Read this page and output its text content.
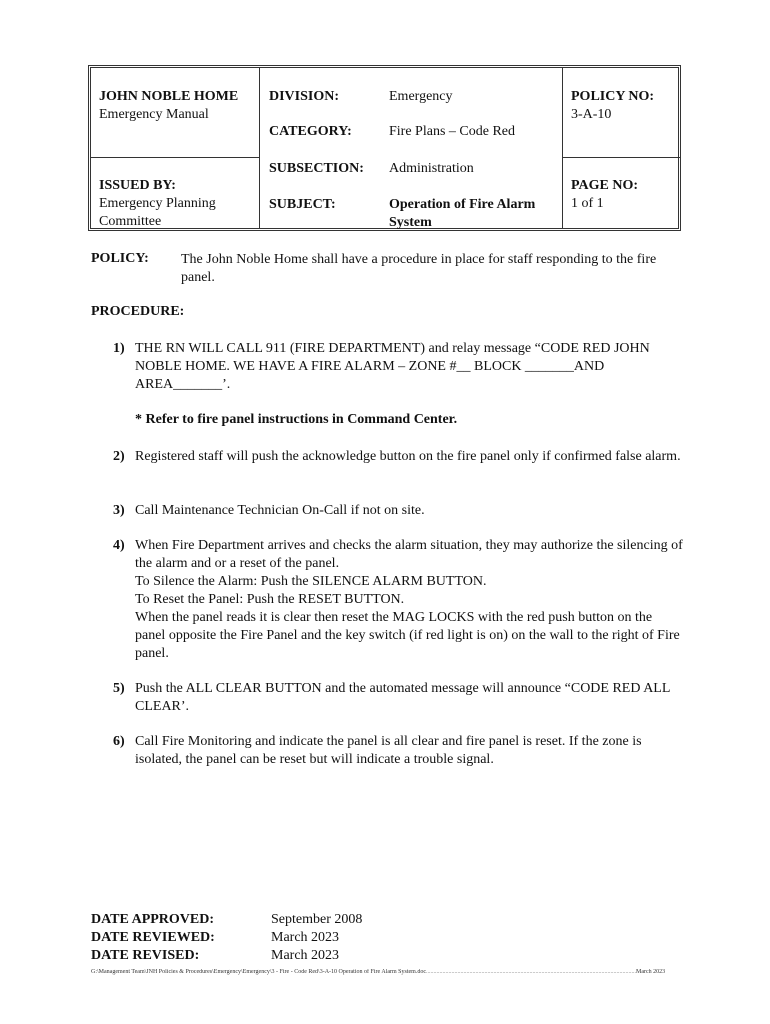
JOHN NOBLE HOME
Emergency Manual
ISSUED BY:
Emergency Planning
Committee
DIVISION:	Emergency
CATEGORY:	Fire Plans – Code Red
SUBSECTION: Administration
SUBJECT:	Operation of Fire Alarm
System
POLICY NO:
3-A-10
PAGE NO:
1 of 1
POLICY: The John Noble Home shall have a procedure in place for staff responding to the fire panel.
PROCEDURE:
1) THE RN WILL CALL 911 (FIRE DEPARTMENT) and relay message “CODE RED JOHN NOBLE HOME. WE HAVE A FIRE ALARM – ZONE #__ BLOCK _______AND AREA_______’.
* Refer to fire panel instructions in Command Center.
2) Registered staff will push the acknowledge button on the fire panel only if confirmed false alarm.
3) Call Maintenance Technician On-Call if not on site.
4) When Fire Department arrives and checks the alarm situation, they may authorize the silencing of the alarm and or a reset of the panel.
To Silence the Alarm: Push the SILENCE ALARM BUTTON.
To Reset the Panel: Push the RESET BUTTON.
When the panel reads it is clear then reset the MAG LOCKS with the red push button on the panel opposite the Fire Panel and the key switch (if red light is on) on the wall to the right of Fire panel.
5) Push the ALL CLEAR BUTTON and the automated message will announce “CODE RED ALL CLEAR’.
6) Call Fire Monitoring and indicate the panel is all clear and fire panel is reset. If the zone is isolated, the panel can be reset but will indicate a trouble signal.
DATE APPROVED:	September 2008
DATE REVIEWED:	March 2023
DATE REVISED:	March 2023
G:\Management Team\JNH Policies & Procedures\Emergency\Emergency\3 - Fire - Code Red\3-A-10 Operation of Fire Alarm System.doc............................................................................................................................................March 2023
